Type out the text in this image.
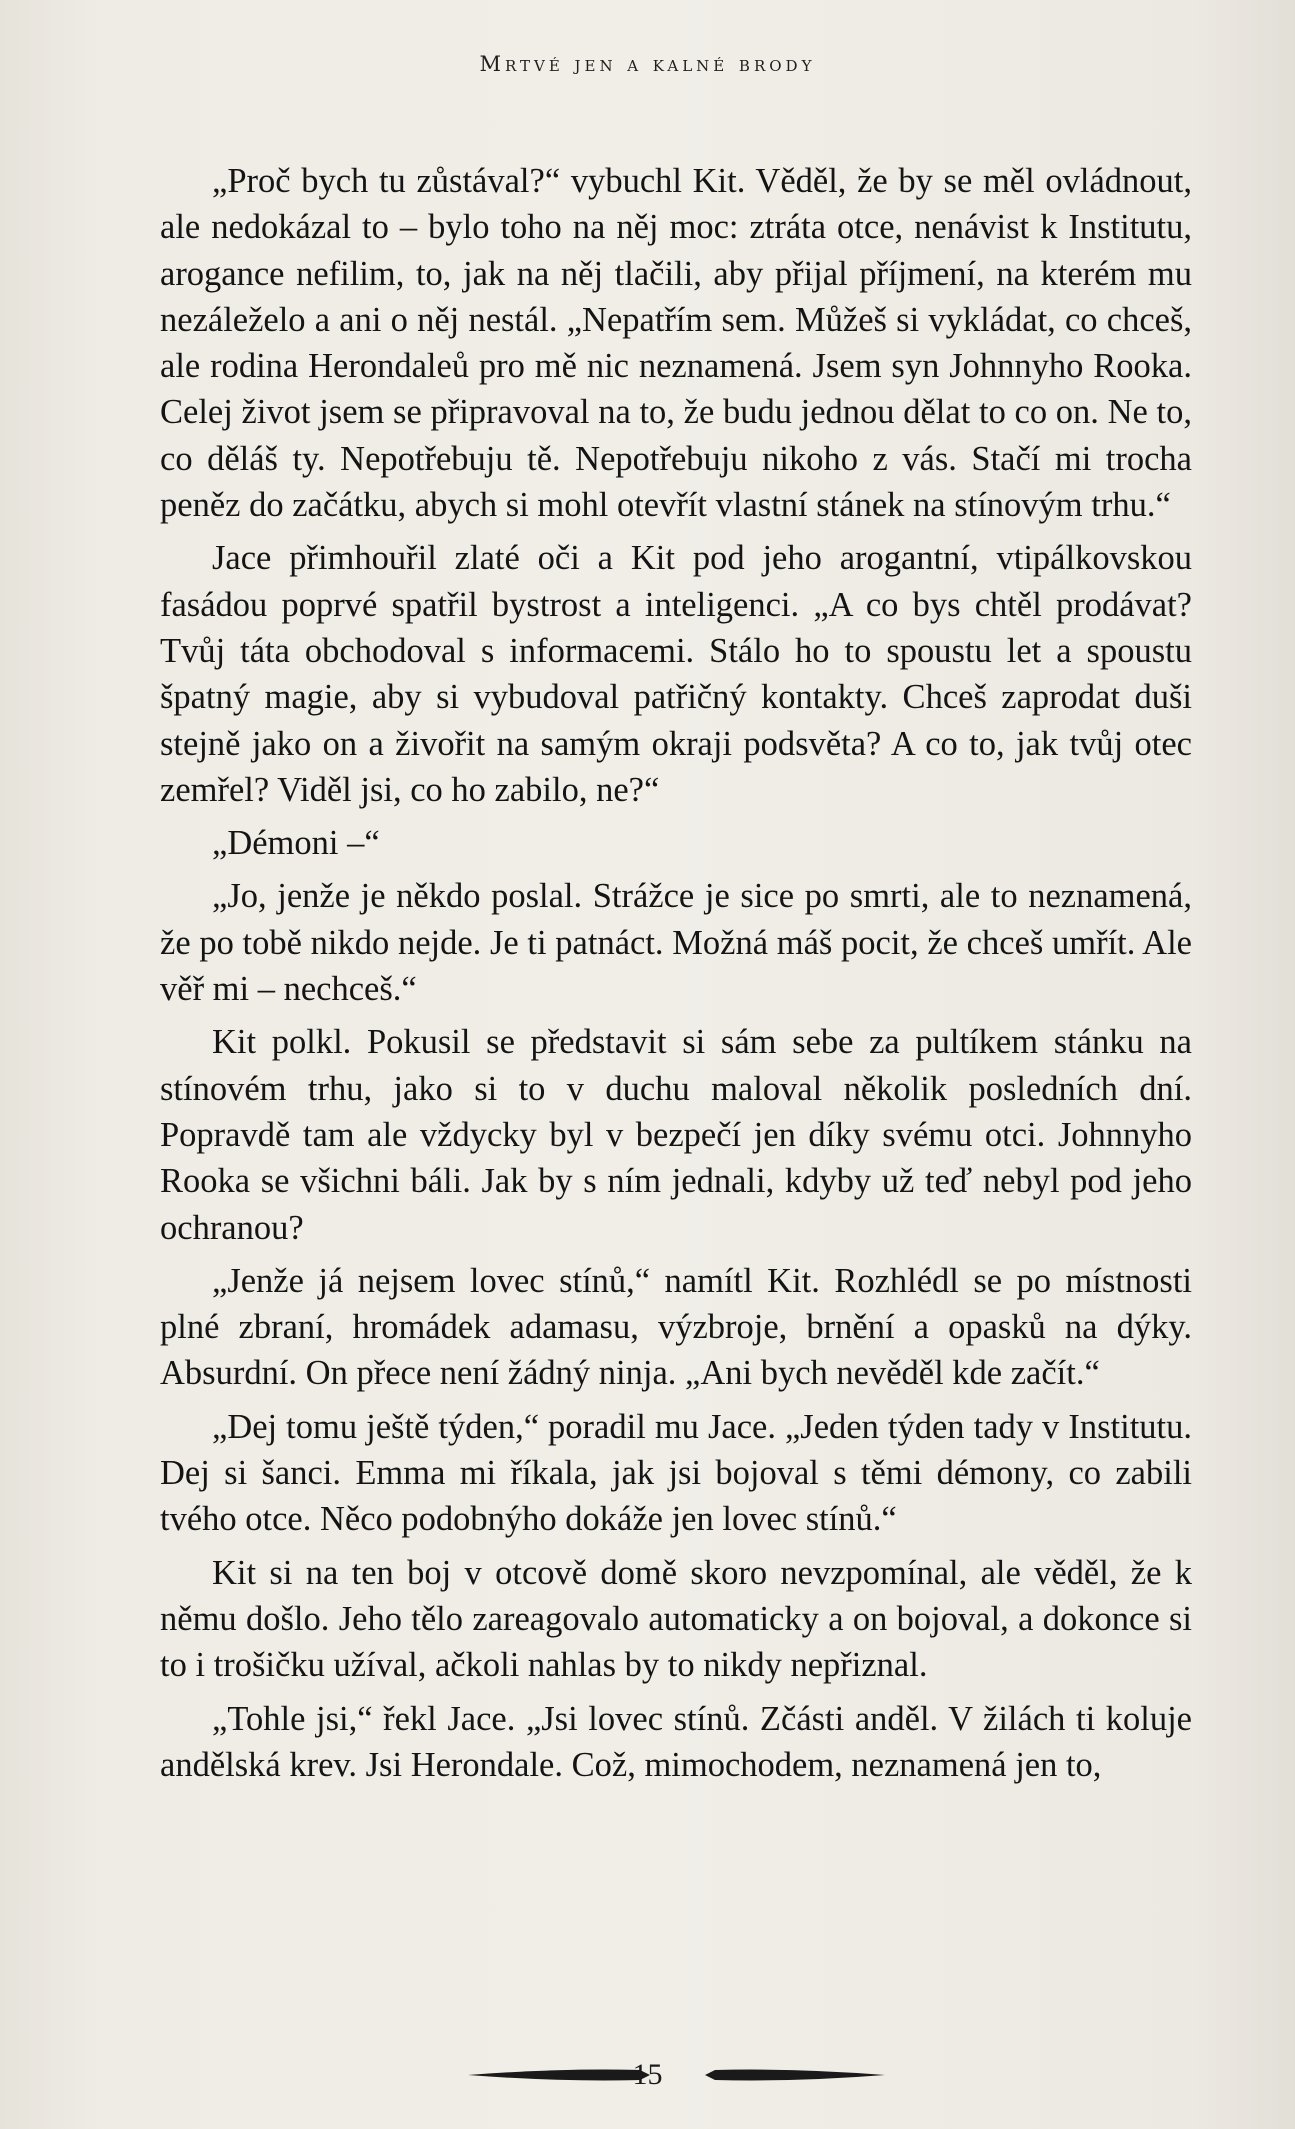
Mrtvé jen a kalné brody

„Proč bych tu zůstával?“ vybuchl Kit. Věděl, že by se měl ovládnout, ale nedokázal to – bylo toho na něj moc: ztráta otce, nenávist k Institutu, arogance nefilim, to, jak na něj tlačili, aby přijal příjmení, na kterém mu nezáleželo a ani o něj nestál. „Nepatřím sem. Můžeš si vykládat, co chceš, ale rodina Herondaleů pro mě nic neznamená. Jsem syn Johnnyho Rooka. Celej život jsem se připravoval na to, že budu jednou dělat to co on. Ne to, co děláš ty. Nepotřebuju tě. Nepotřebuju nikoho z vás. Stačí mi trocha peněz do začátku, abych si mohl otevřít vlastní stánek na stínovým trhu.“

Jace přimhouřil zlaté oči a Kit pod jeho arogantní, vtipálkovskou fasádou poprvé spatřil bystrost a inteligenci. „A co bys chtěl prodávat? Tvůj táta obchodoval s informacemi. Stálo ho to spoustu let a spoustu špatný magie, aby si vybudoval patřičný kontakty. Chceš zaprodat duši stejně jako on a živořit na samým okraji podsvěta? A co to, jak tvůj otec zemřel? Viděl jsi, co ho zabilo, ne?“

„Démoni –“

„Jo, jenže je někdo poslal. Strážce je sice po smrti, ale to neznamená, že po tobě nikdo nejde. Je ti patnáct. Možná máš pocit, že chceš umřít. Ale věř mi – nechceš.“

Kit polkl. Pokusil se představit si sám sebe za pultíkem stánku na stínovém trhu, jako si to v duchu maloval několik posledních dní. Popravdě tam ale vždycky byl v bezpečí jen díky svému otci. Johnnyho Rooka se všichni báli. Jak by s ním jednali, kdyby už teď nebyl pod jeho ochranou?

„Jenže já nejsem lovec stínů,“ namítl Kit. Rozhlédl se po místnosti plné zbraní, hromádek adamasu, výzbroje, brnění a opasků na dýky. Absurdní. On přece není žádný ninja. „Ani bych nevěděl kde začít.“

„Dej tomu ještě týden,“ poradil mu Jace. „Jeden týden tady v Institutu. Dej si šanci. Emma mi říkala, jak jsi bojoval s těmi démony, co zabili tvého otce. Něco podobnýho dokáže jen lovec stínů.“

Kit si na ten boj v otcově domě skoro nevzpomínal, ale věděl, že k němu došlo. Jeho tělo zareagovalo automaticky a on bojoval, a dokonce si to i trošičku užíval, ačkoli nahlas by to nikdy nepřiznal.

„Tohle jsi,“ řekl Jace. „Jsi lovec stínů. Zčásti anděl. V žilách ti koluje andělská krev. Jsi Herondale. Což, mimochodem, neznamená jen to,

15
